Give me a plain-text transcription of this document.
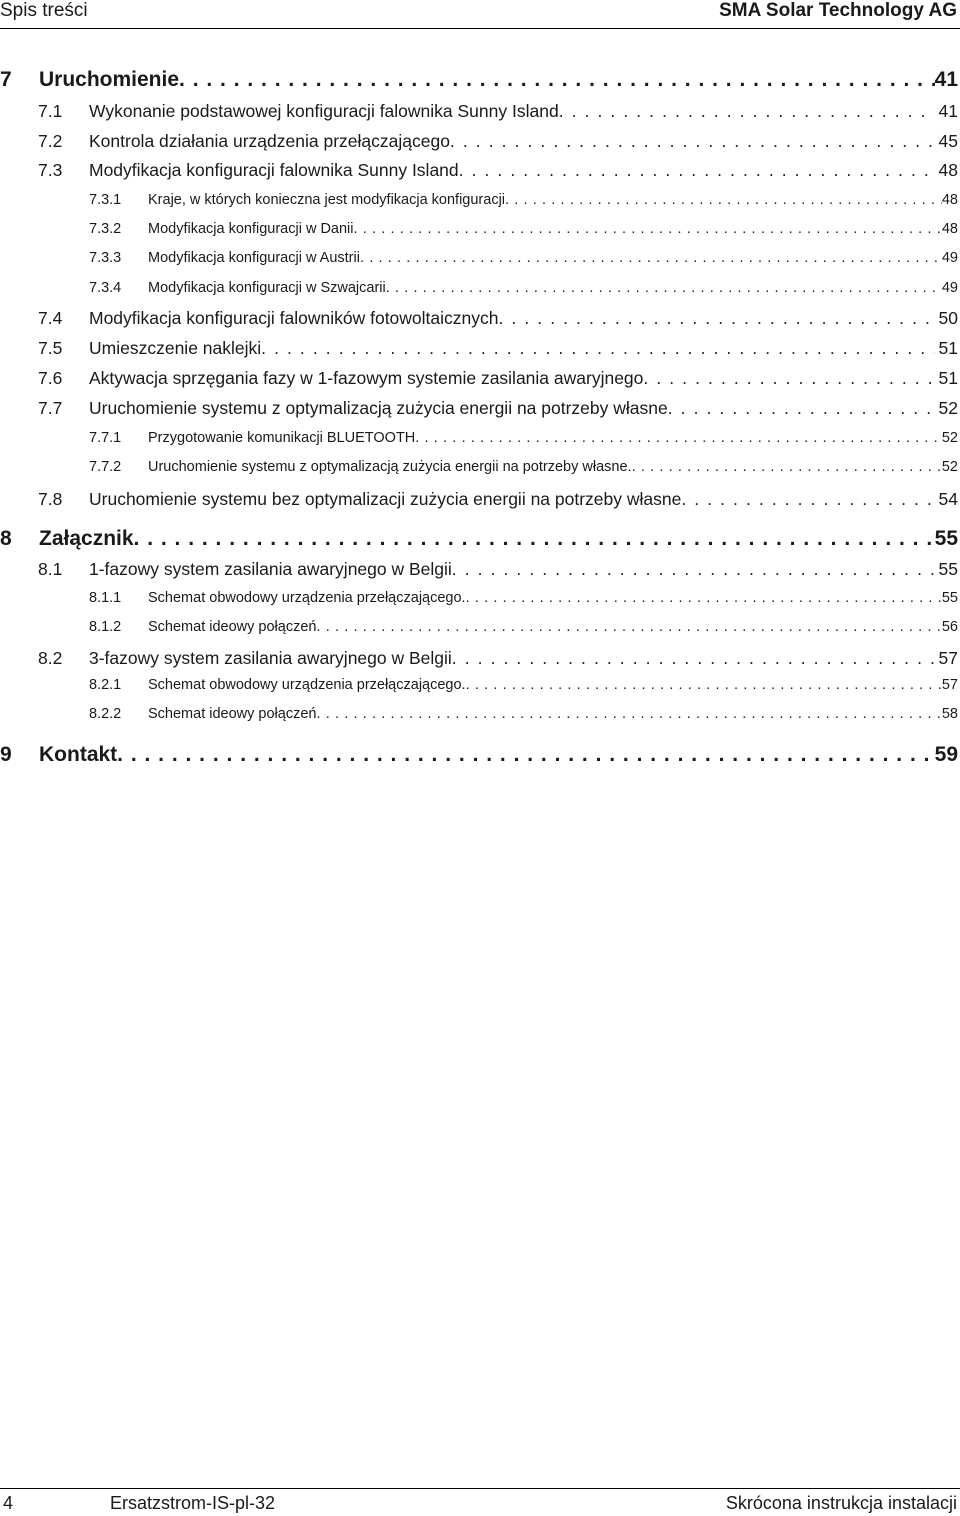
Spis treści	SMA Solar Technology AG
7	Uruchomienie . . .	41
7.1	Wykonanie podstawowej konfiguracji falownika Sunny Island . . .	41
7.2	Kontrola działania urządzenia przełączającego . . .	45
7.3	Modyfikacja konfiguracji falownika Sunny Island . . .	48
7.3.1	Kraje, w których konieczna jest modyfikacja konfiguracji . . .	48
7.3.2	Modyfikacja konfiguracji w Danii . . .	48
7.3.3	Modyfikacja konfiguracji w Austrii . . .	49
7.3.4	Modyfikacja konfiguracji w Szwajcarii . . .	49
7.4	Modyfikacja konfiguracji falowników fotowoltaicznych . . .	50
7.5	Umieszczenie naklejki . . .	51
7.6	Aktywacja sprzęgania fazy w 1-fazowym systemie zasilania awaryjnego . . .	51
7.7	Uruchomienie systemu z optymalizacją zużycia energii na potrzeby własne . . .	52
7.7.1	Przygotowanie komunikacji BLUETOOTH . . .	52
7.7.2	Uruchomienie systemu z optymalizacją zużycia energii na potrzeby własne. . . .	52
7.8	Uruchomienie systemu bez optymalizacji zużycia energii na potrzeby własne . . .	54
8	Załącznik . . .	55
8.1	1-fazowy system zasilania awaryjnego w Belgii . . .	55
8.1.1	Schemat obwodowy urządzenia przełączającego. . . .	55
8.1.2	Schemat ideowy połączeń . . .	56
8.2	3-fazowy system zasilania awaryjnego w Belgii . . .	57
8.2.1	Schemat obwodowy urządzenia przełączającego. . . .	57
8.2.2	Schemat ideowy połączeń . . .	58
9	Kontakt . . .	59
4	Ersatzstrom-IS-pl-32	Skrócona instrukcja instalacji
